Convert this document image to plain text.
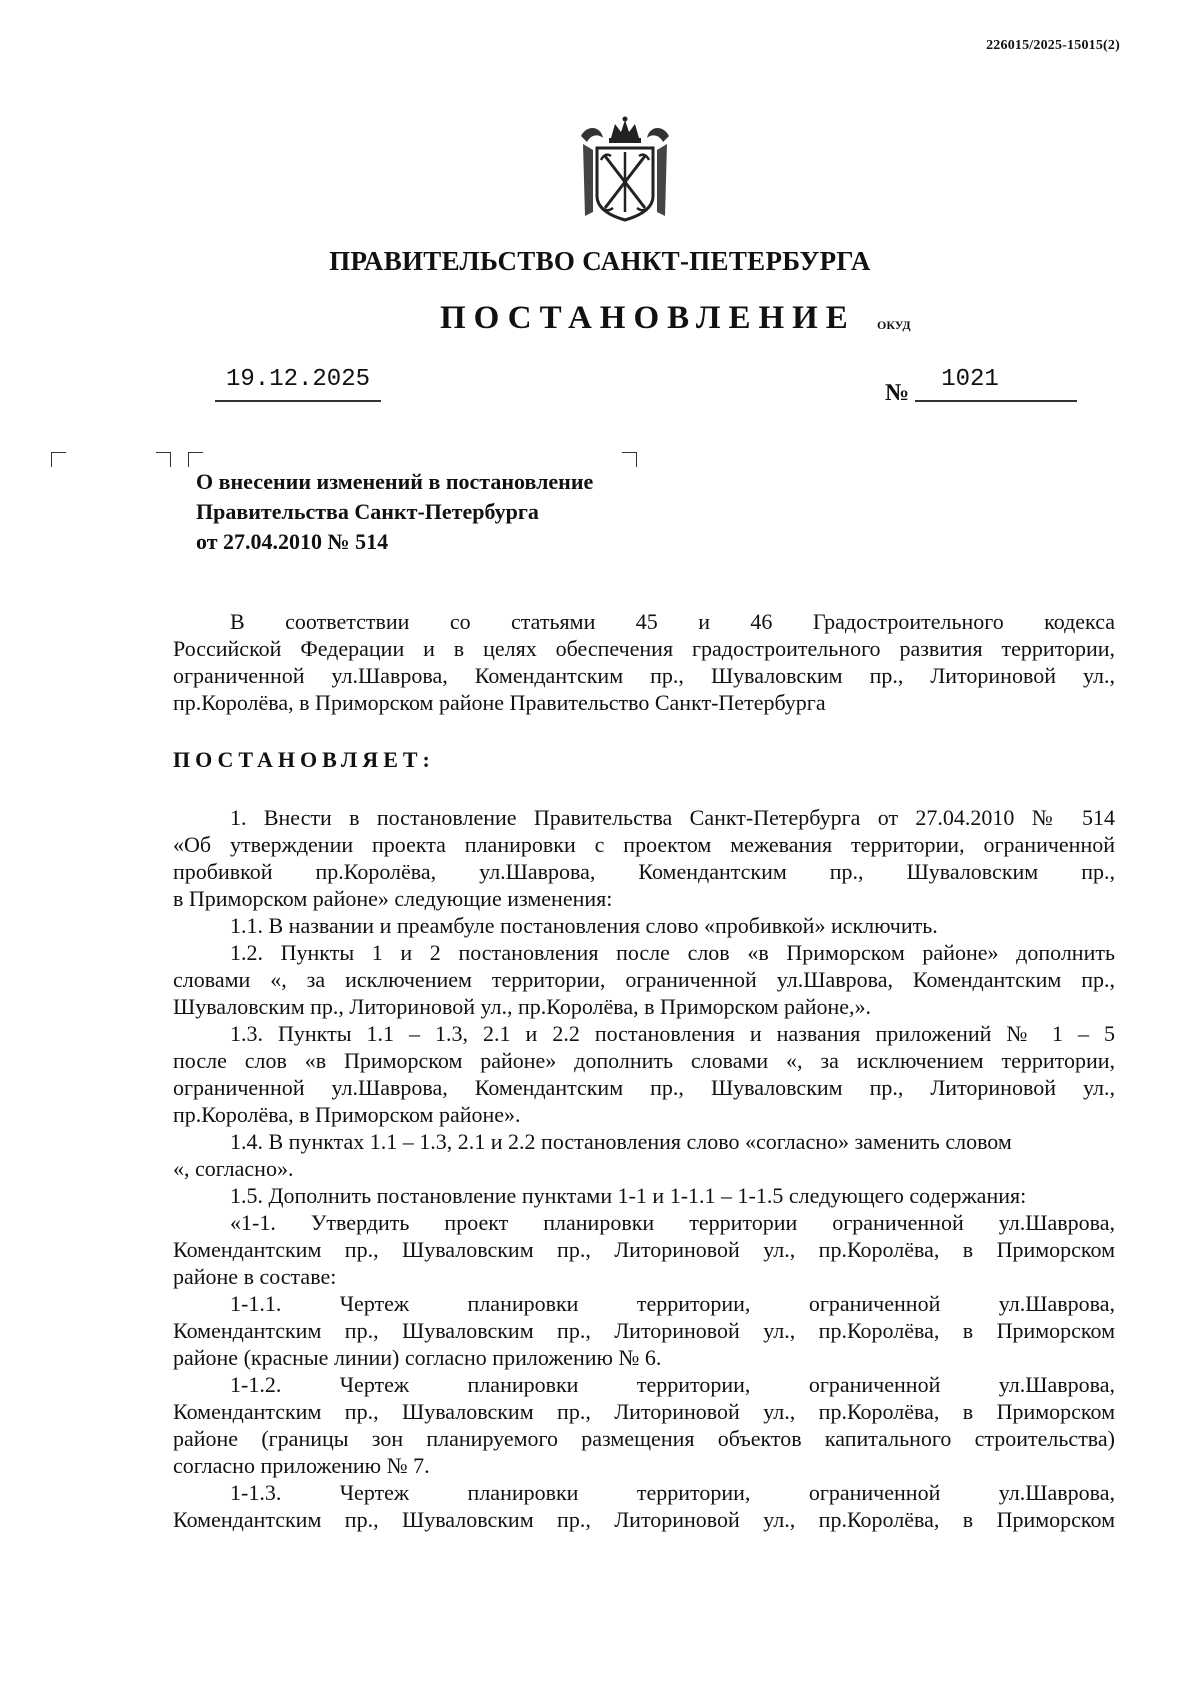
226015/2025-15015(2)
ПРАВИТЕЛЬСТВО САНКТ-ПЕТЕРБУРГА
ПОСТАНОВЛЕНИЕ ОКУД
19.12.2025	№	1021
О внесении изменений в постановление
Правительства Санкт-Петербурга
от 27.04.2010 № 514
В соответствии со статьями 45 и 46 Градостроительного кодекса
Российской Федерации и в целях обеспечения градостроительного развития территории,
ограниченной ул.Шаврова, Комендантским пр., Шуваловским пр., Литориновой ул.,
пр.Королёва, в Приморском районе Правительство Санкт-Петербурга
ПОСТАНОВЛЯЕТ:
1. Внести в постановление Правительства Санкт-Петербурга от 27.04.2010 № 514
«Об утверждении проекта планировки с проектом межевания территории, ограниченной
пробивкой пр.Королёва, ул.Шаврова, Комендантским пр., Шуваловским пр.,
в Приморском районе» следующие изменения:
1.1. В названии и преамбуле постановления слово «пробивкой» исключить.
1.2. Пункты 1 и 2 постановления после слов «в Приморском районе» дополнить
словами «, за исключением территории, ограниченной ул.Шаврова, Комендантским пр.,
Шуваловским пр., Литориновой ул., пр.Королёва, в Приморском районе,».
1.3. Пункты 1.1 – 1.3, 2.1 и 2.2 постановления и названия приложений № 1 – 5
после слов «в Приморском районе» дополнить словами «, за исключением территории,
ограниченной ул.Шаврова, Комендантским пр., Шуваловским пр., Литориновой ул.,
пр.Королёва, в Приморском районе».
1.4. В пунктах 1.1 – 1.3, 2.1 и 2.2 постановления слово «согласно» заменить словом
«, согласно».
1.5. Дополнить постановление пунктами 1-1 и 1-1.1 – 1-1.5 следующего содержания:
«1-1. Утвердить проект планировки территории ограниченной ул.Шаврова,
Комендантским пр., Шуваловским пр., Литориновой ул., пр.Королёва, в Приморском
районе в составе:
1-1.1. Чертеж планировки территории, ограниченной ул.Шаврова,
Комендантским пр., Шуваловским пр., Литориновой ул., пр.Королёва, в Приморском
районе (красные линии) согласно приложению № 6.
1-1.2. Чертеж планировки территории, ограниченной ул.Шаврова,
Комендантским пр., Шуваловским пр., Литориновой ул., пр.Королёва, в Приморском
районе (границы зон планируемого размещения объектов капитального строительства)
согласно приложению № 7.
1-1.3. Чертеж планировки территории, ограниченной ул.Шаврова,
Комендантским пр., Шуваловским пр., Литориновой ул., пр.Королёва, в Приморском
